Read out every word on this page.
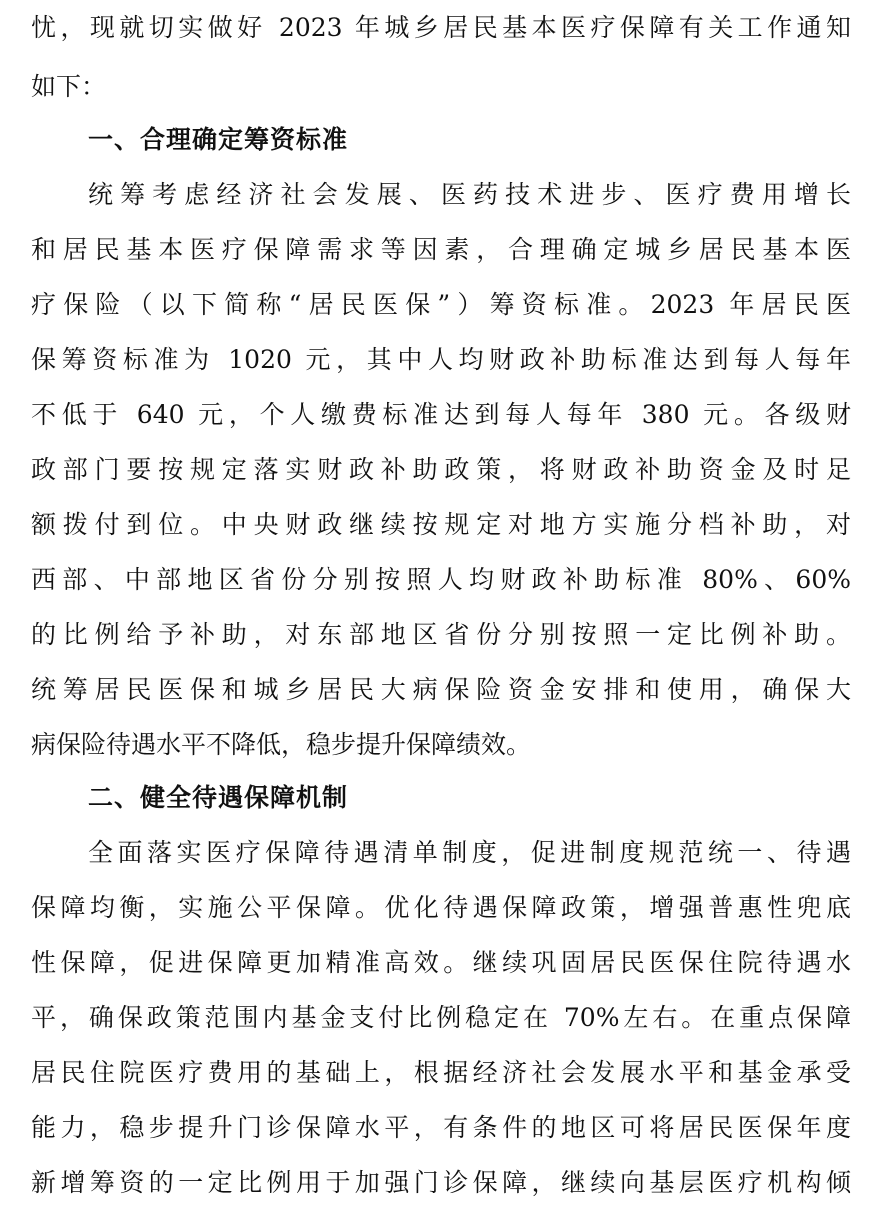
忧，现就切实做好 2023 年城乡居民基本医疗保障有关工作通知
如下：
一、合理确定筹资标准
统筹考虑经济社会发展、医药技术进步、医疗费用增长
和居民基本医疗保障需求等因素，合理确定城乡居民基本医
疗保险（以下简称“居民医保”）筹资标准。2023 年居民医
保筹资标准为 1020 元，其中人均财政补助标准达到每人每年
不低于 640 元，个人缴费标准达到每人每年 380 元。各级财
政部门要按规定落实财政补助政策，将财政补助资金及时足
额拨付到位。中央财政继续按规定对地方实施分档补助，对
西部、中部地区省份分别按照人均财政补助标准 80%、60%
的比例给予补助，对东部地区省份分别按照一定比例补助。
统筹居民医保和城乡居民大病保险资金安排和使用，确保大
病保险待遇水平不降低，稳步提升保障绩效。
二、健全待遇保障机制
全面落实医疗保障待遇清单制度，促进制度规范统一、待遇
保障均衡，实施公平保障。优化待遇保障政策，增强普惠性兜底
性保障，促进保障更加精准高效。继续巩固居民医保住院待遇水
平，确保政策范围内基金支付比例稳定在 70%左右。在重点保障
居民住院医疗费用的基础上，根据经济社会发展水平和基金承受
能力，稳步提升门诊保障水平，有条件的地区可将居民医保年度
新增筹资的一定比例用于加强门诊保障，继续向基层医疗机构倾
